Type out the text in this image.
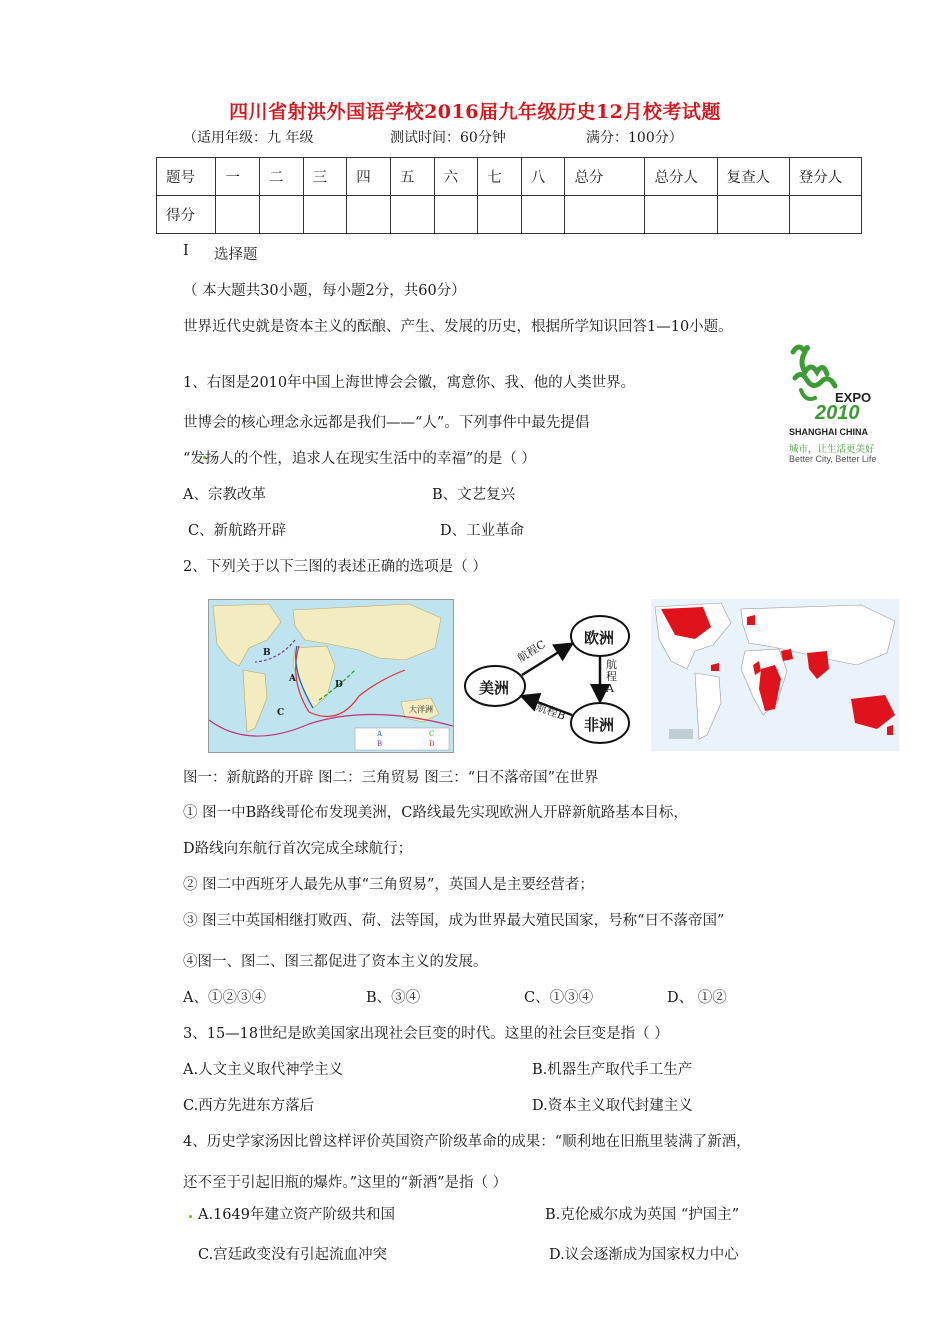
四川省射洪外国语学校2016届九年级历史12月校考试题
（适用年级：九 年级	测试时间：60分钟	满分：100分）
题号	一	二	三	四	五	六	七	八	总分	总分人	复查人	登分人
得分												
I 选择题
（ 本大题共30小题，每小题2分，共60分）
世界近代史就是资本主义的酝酿、产生、发展的历史，根据所学知识回答1—10小题。
EXPO
2010
SHANGHAI CHINA
城市，让生活更美好
Better City, Better Life
1、右图是2010年中国上海世博会会徽，寓意你、我、他的人类世界。
世博会的核心理念永远都是我们——“人”。下列事件中最先提倡
“发扬人的个性，追求人在现实生活中的幸福”的是（ ）
A、宗教改革	B、文艺复兴
C、新航路开辟	D、工业革命
2、下列关于以下三图的表述正确的选项是（ ）
B
A
C
D
大洋洲
A
B
C
D
欧洲
美洲
非洲
航程C	航程A
航程B
图一：新航路的开辟 图二：三角贸易 图三：“日不落帝国”在世界
① 图一中B路线哥伦布发现美洲，C路线最先实现欧洲人开辟新航路基本目标，
D路线向东航行首次完成全球航行；
② 图二中西班牙人最先从事“三角贸易”，英国人是主要经营者；
③ 图三中英国相继打败西、荷、法等国，成为世界最大殖民国家，号称“日不落帝国”
④图一、图二、图三都促进了资本主义的发展。
A、①②③④	B、③④	C、①③④	D、 ①②
3、15—18世纪是欧美国家出现社会巨变的时代。这里的社会巨变是指（ ）
A.人文主义取代神学主义	B.机器生产取代手工生产
C.西方先进东方落后	D.资本主义取代封建主义
4、历史学家汤因比曾这样评价英国资产阶级革命的成果：“顺利地在旧瓶里装满了新酒，
还不至于引起旧瓶的爆炸。”这里的“新酒”是指（ ）
A.1649年建立资产阶级共和国	B.克伦威尔成为英国 “护国主”
C.宫廷政变没有引起流血冲突	D.议会逐渐成为国家权力中心
